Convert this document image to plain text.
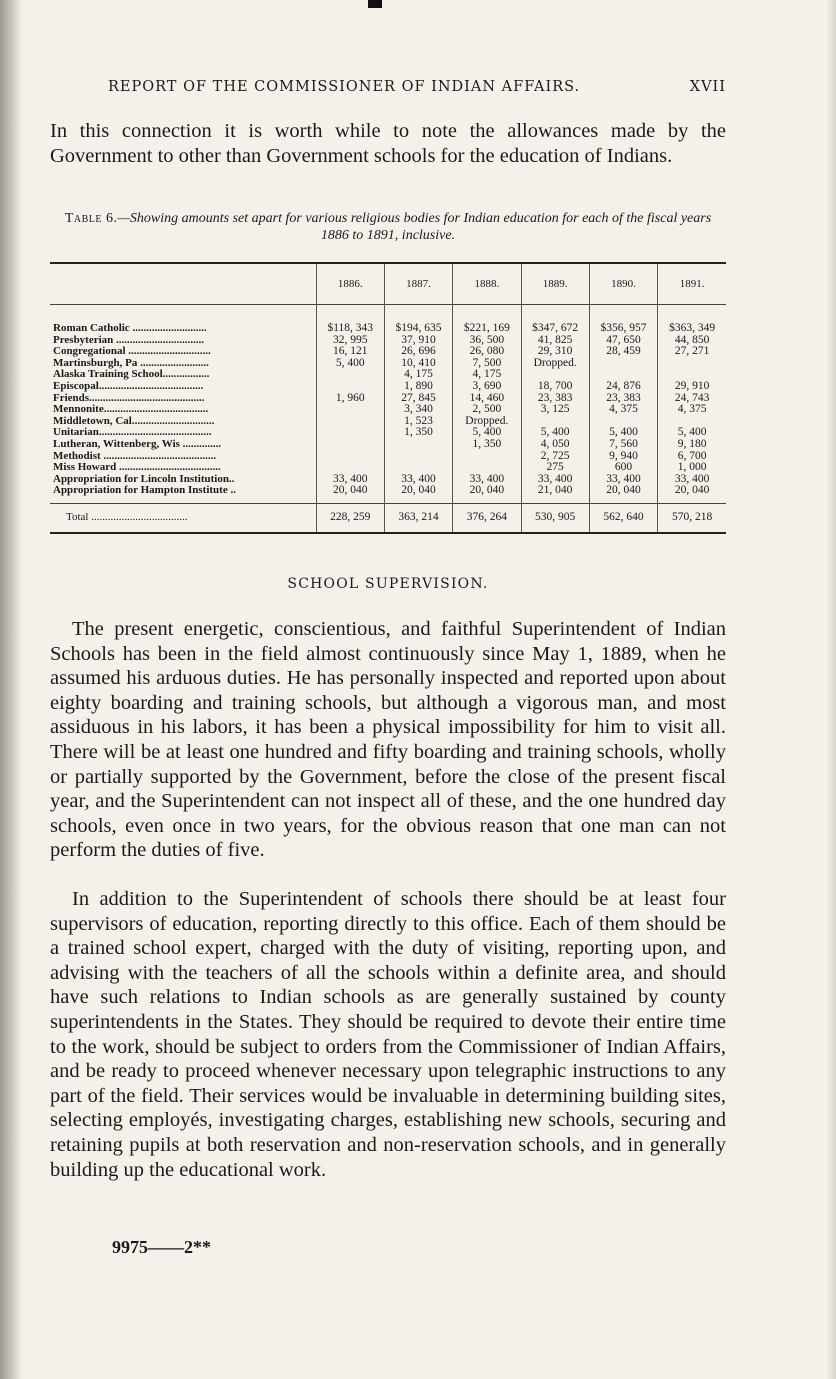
REPORT OF THE COMMISSIONER OF INDIAN AFFAIRS.	XVII
In this connection it is worth while to note the allowances made by the Government to other than Government schools for the education of Indians.
Table 6.—Showing amounts set apart for various religious bodies for Indian education for each of the fiscal years 1886 to 1891, inclusive.
	1886.	1887.	1888.	1889.	1890.	1891.
Roman Catholic ...........................	$118, 343	$194, 635	$221, 169	$347, 672	$356, 957	$363, 349
Presbyterian ................................	32, 995	37, 910	36, 500	41, 825	47, 650	44, 850
Congregational ..............................	16, 121	26, 696	26, 080	29, 310	28, 459	27, 271
Martinsburgh, Pa .........................	5, 400	10, 410	7, 500	Dropped.		
Alaska Training School.................		4, 175	4, 175			
Episcopal......................................		1, 890	3, 690	18, 700	24, 876	29, 910
Friends..........................................	1, 960	27, 845	14, 460	23, 383	23, 383	24, 743
Mennonite......................................		3, 340	2, 500	3, 125	4, 375	4, 375
Middletown, Cal..............................		1, 523	Dropped.			
Unitarian.........................................		1, 350	5, 400	5, 400	5, 400	5, 400
Lutheran, Wittenberg, Wis ..............			1, 350	4, 050	7, 560	9, 180
Methodist .........................................				2, 725	9, 940	6, 700
Miss Howard .....................................				275	600	1, 000
Appropriation for Lincoln Institution..	33, 400	33, 400	33, 400	33, 400	33, 400	33, 400
Appropriation for Hampton Institute ..	20, 040	20, 040	20, 040	21, 040	20, 040	20, 040
Total ...................................	228, 259	363, 214	376, 264	530, 905	562, 640	570, 218
SCHOOL SUPERVISION.
The present energetic, conscientious, and faithful Superintendent of Indian Schools has been in the field almost continuously since May 1, 1889, when he assumed his arduous duties. He has personally inspected and reported upon about eighty boarding and training schools, but although a vigorous man, and most assiduous in his labors, it has been a physical impossibility for him to visit all. There will be at least one hundred and fifty boarding and training schools, wholly or partially supported by the Government, before the close of the present fiscal year, and the Superintendent can not inspect all of these, and the one hundred day schools, even once in two years, for the obvious reason that one man can not perform the duties of five.
In addition to the Superintendent of schools there should be at least four supervisors of education, reporting directly to this office. Each of them should be a trained school expert, charged with the duty of visiting, reporting upon, and advising with the teachers of all the schools within a definite area, and should have such relations to Indian schools as are generally sustained by county superintendents in the States. They should be required to devote their entire time to the work, should be subject to orders from the Commissioner of Indian Affairs, and be ready to proceed whenever necessary upon telegraphic instructions to any part of the field. Their services would be invaluable in determining building sites, selecting employés, investigating charges, establishing new schools, securing and retaining pupils at both reservation and non-reservation schools, and in generally building up the educational work.
9975——2**
